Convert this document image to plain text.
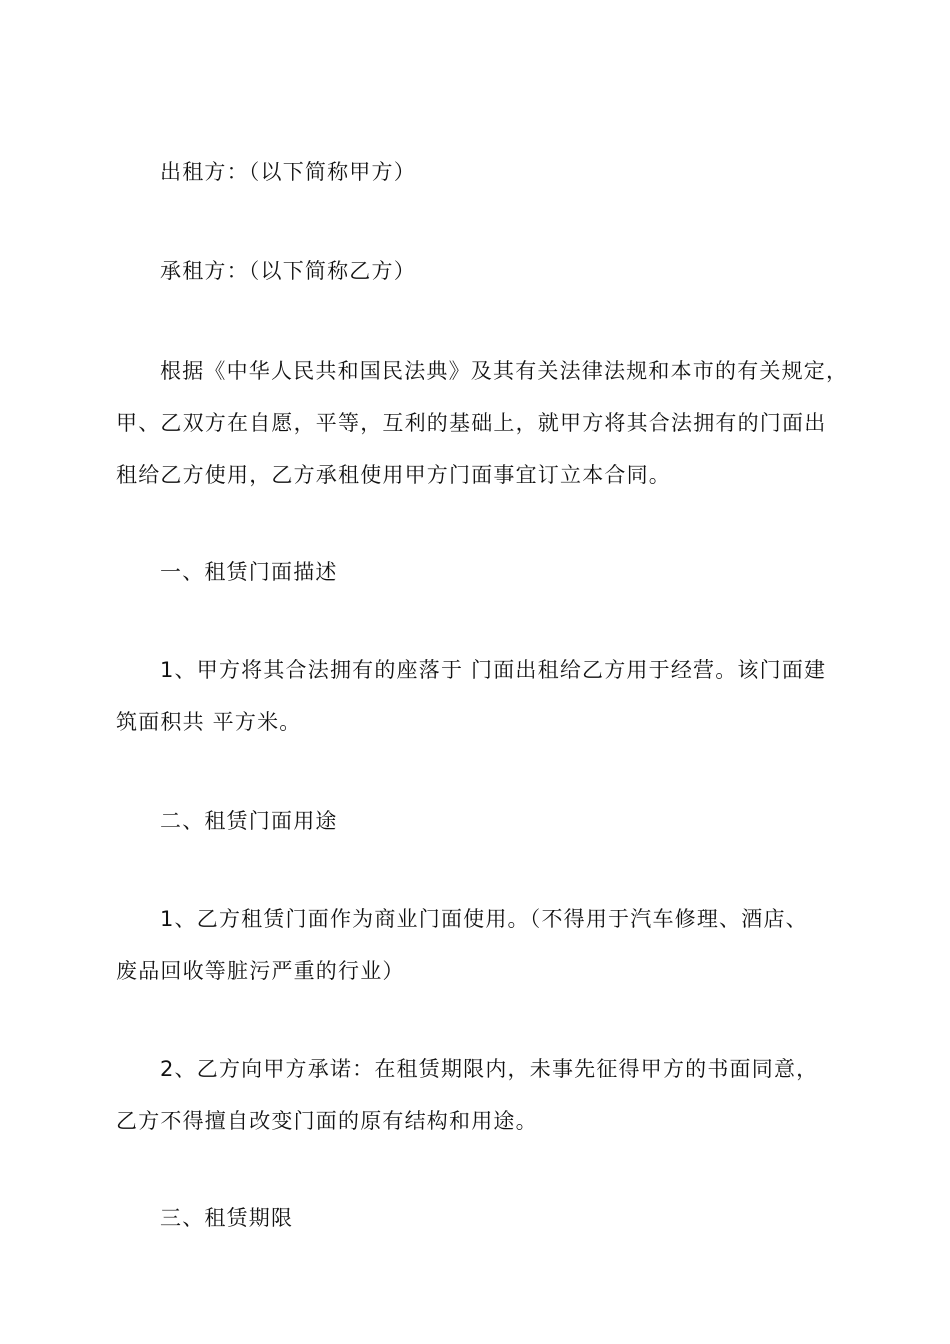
出租方：（以下简称甲方）

承租方：（以下简称乙方）

根据《中华人民共和国民法典》及其有关法律法规和本市的有关规定，
甲、乙双方在自愿，平等，互利的基础上，就甲方将其合法拥有的门面出
租给乙方使用，乙方承租使用甲方门面事宜订立本合同。

一、租赁门面描述

1、甲方将其合法拥有的座落于 门面出租给乙方用于经营。该门面建
筑面积共 平方米。

二、租赁门面用途

1、乙方租赁门面作为商业门面使用。（不得用于汽车修理、酒店、
废品回收等脏污严重的行业）

2、乙方向甲方承诺：在租赁期限内，未事先征得甲方的书面同意，
乙方不得擅自改变门面的原有结构和用途。

三、租赁期限
